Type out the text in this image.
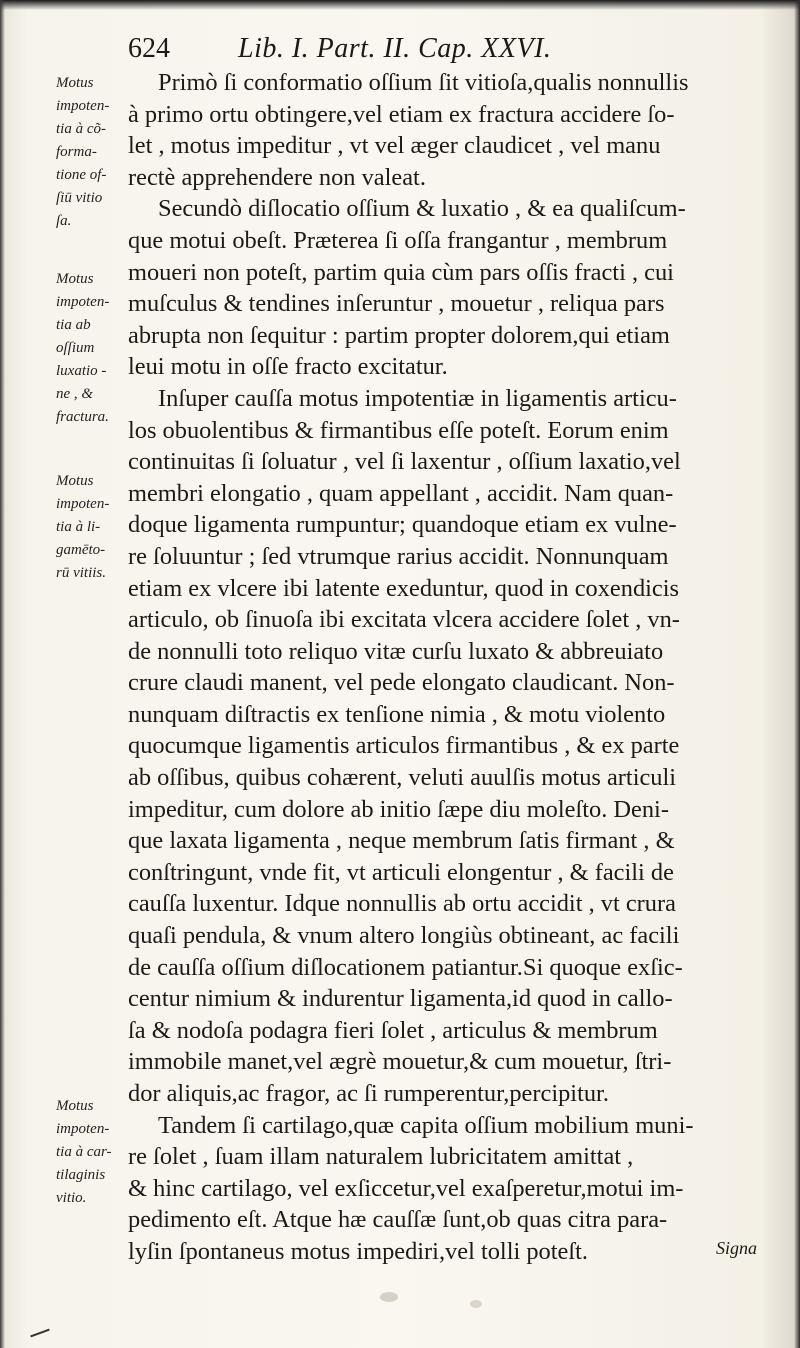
624 Lib. I. Part. II. Cap. XXVI.
Motus
impoten-
tia à cõ-
forma-
tione of-
ſiū vitio
ſa.
Motus
impoten-
tia ab
oſſium
luxatio -
ne , &
fractura.
Motus
impoten-
tia à li-
gamēto-
rū vitiis.
Motus
impoten-
tia à car-
tilaginis
vitio.
Primò ſi conformatio oſſium ſit vitioſa,qualis nonnullis
à primo ortu obtingere,vel etiam ex fractura accidere ſo-
let , motus impeditur , vt vel æger claudicet , vel manu
rectè apprehendere non valeat.
Secundò diſlocatio oſſium & luxatio , & ea qualiſcum-
que motui obeſt. Præterea ſi oſſa frangantur , membrum
moueri non poteſt, partim quia cùm pars oſſis fracti , cui
muſculus & tendines inſeruntur , mouetur , reliqua pars
abrupta non ſequitur : partim propter dolorem,qui etiam
leui motu in oſſe fracto excitatur.
Inſuper cauſſa motus impotentiæ in ligamentis articu-
los obuolentibus & firmantibus eſſe poteſt. Eorum enim
continuitas ſi ſoluatur , vel ſi laxentur , oſſium laxatio,vel
membri elongatio , quam appellant , accidit. Nam quan-
doque ligamenta rumpuntur; quandoque etiam ex vulne-
re ſoluuntur ; ſed vtrumque rarius accidit. Nonnunquam
etiam ex vlcere ibi latente exeduntur, quod in coxendicis
articulo, ob ſinuoſa ibi excitata vlcera accidere ſolet , vn-
de nonnulli toto reliquo vitæ curſu luxato & abbreuiato
crure claudi manent, vel pede elongato claudicant. Non-
nunquam diſtractis ex tenſione nimia , & motu violento
quocumque ligamentis articulos firmantibus , & ex parte
ab oſſibus, quibus cohærent, veluti auulſis motus articuli
impeditur, cum dolore ab initio ſæpe diu moleſto. Deni-
que laxata ligamenta , neque membrum ſatis firmant , &
conſtringunt, vnde fit, vt articuli elongentur , & facili de
cauſſa luxentur. Idque nonnullis ab ortu accidit , vt crura
quaſi pendula, & vnum altero longiùs obtineant, ac facili
de cauſſa oſſium diſlocationem patiantur.Si quoque exſic-
centur nimium & indurentur ligamenta,id quod in callo-
ſa & nodoſa podagra fieri ſolet , articulus & membrum
immobile manet,vel ægrè mouetur,& cum mouetur, ſtri-
dor aliquis,ac fragor, ac ſi rumperentur,percipitur.
Tandem ſi cartilago,quæ capita oſſium mobilium muni-
re ſolet , ſuam illam naturalem lubricitatem amittat ,
& hinc cartilago, vel exſiccetur,vel exaſperetur,motui im-
pedimento eſt. Atque hæ cauſſæ ſunt,ob quas citra para-
lyſin ſpontaneus motus impediri,vel tolli poteſt.	Signa
